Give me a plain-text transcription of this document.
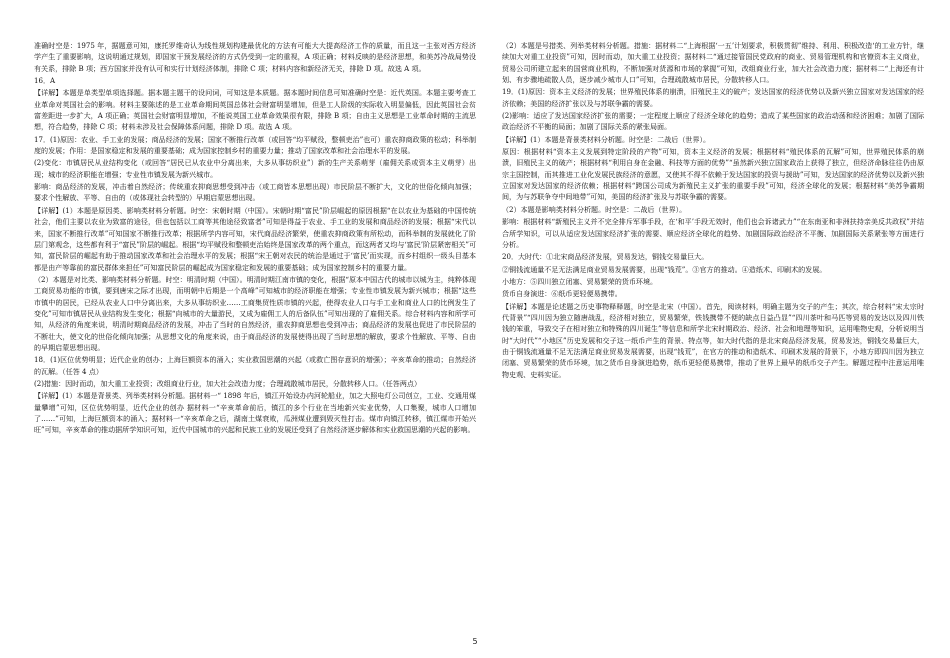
准确时空是：1975 年，据题意可知，康托罗维奇认为线性规划构建最优化的方法有可能大大提高经济工作的质量，而且这一主张对西方经济学产生了重要影响，这说明通过规划，即国家干预发展经济的方式仍受到一定的重视，A 项正确；材料反映的是经济思想，和美苏冷战局势没有关系，排除 B 项；西方国家并没有认可和实行计划经济体制，排除 C 项；材料内容和新经济无关，排除 D 项。故选 A 项。

16．A

【详解】本题是单类型单项选择题。据本题主题干的设问词，可知这是本质题。据本题时间信息可知准确时空是：近代英国。本题主要考查工业革命对英国社会的影响。材料主要陈述的是工业革命期间英国总体社会财富明显增加，但是工人阶级的实际收入明显偏低，因此英国社会贫富差距进一步扩大，A 项正确；英国社会财富明显增加，不能说英国工业革命效果很有限，排除 B 项；自由主义思想是工业革命时期的主流思想，符合趋势，排除 C 项；材料未涉及社会保障体系问题，排除 D 项。故选 A 项。

17．(1)原因：农业、手工业的发展；商品经济的发展；国家不断推行改革（或回答“均平赋役，整顿吏治”也可）重农抑商政策的松动；科举制度的发展；作用：是国家稳定和发展的重要基础；成为国家控制乡村的重要力量；推动了国家改革和社会治理水平的发展。

(2)变化：市镇居民从业结构变化（或回答“居民已从农业中分离出来，大多从事纺织业”）新的生产关系萌芽（雇佣关系或资本主义萌芽）出现；城市的经济职能在增强；专业性市镇发展为新兴城市。

影响：商品经济的发展，冲击着自然经济；传统重农抑商思想受到冲击（或工商皆本思想出现）市民阶层不断扩大，文化的世俗化倾向加强；要求个性解放、平等、自由的（或体现社会转型的）早期启蒙思想出现。

【详解】(1）本题是原因类、影响类材料分析题。时空：宋朝时期（中国）。宋朝时期“富民”阶层崛起的原因根据“在以农业为基础的中国传统社会，他们主要以农业为致富的途径，但也包括以工商等其他途径致富者”可知是得益于农业、手工业的发展和商品经济的发展；根据“宋代以来，国家不断推行改革”可知国家不断推行改革；根据所学内容可知，宋代商品经济繁荣，使重农抑商政策有所松动，而科举制的发展就化了阶层门第观念，这些都有利于“富民”阶层的崛起。根据“均平赋役和整顿吏治始终是国家改革的两个重点，而这两者又均与‘富民’阶层紧密相关”可知，富民阶层的崛起有助于推动国家改革和社会治理水平的发展；根据“宋王朝对农民的统治是通过于‘富民’而实现，而乡村组织一级头目基本都是由产等靠前的富民群体来担任”可知富民阶层的崛起成为国家稳定和发展的重要基础；成为国家控制乡村的重要力量。

（2）本题是对比类、影响类材料分析题。时空：明清时期（中国）。明清时期江南市镇的变化，根据“原本中国古代的城市以城为主，纯粹体现工商贸易功能的市镇，要到唐宋之际才出现，而明朝中后期是一个高峰”可知城市的经济职能在增强；专业性市镇发展为新兴城市；根据“这些市镇中的居民，已经从农业人口中分离出来，大多从事纺织业……工商集贸性质市镇的兴起，使得农业人口与手工业和商业人口的比例发生了变化”可知市镇居民从业结构发生变化；根据“向城市的大量游民，又成为雇佣工人的后备队伍”可知出现的了雇佣关系。综合材料内容和所学可知，从经济的角度来说，明清时期商品经济的发展，冲击了当时的自然经济，重农抑商思想也受到冲击；商品经济的发展也促进了市民阶层的不断壮大，使文化的世俗化倾向加强；从思想文化的角度来说，由于商品经济的发展使得出现了当时思想的解放，要求个性解放、平等、自由的早期启蒙思想出现。

18．(1)区位优势明显；近代企业的创办；上海巨额资本的涌入；实业救国思潮的兴起（或救亡图存意识的增强）；辛亥革命的推动；自然经济的瓦解。（任答 4 点）

(2)措施：因时而动，加大重工业投资；改组商业行业，加大社会改造力度；合理疏散城市居民，分散转移人口。（任答两点）

【详解】(1）本题是背景类、列举类材料分析题。据材料一“ 1898 年后，镇江开始设办内河轮船业，加之大照电灯公司创立，工业、交通用煤量攀增”可知，区位优势明显，近代企业的创办 据材料一“辛亥革命前后，镇江的多个行业在当地新兴实业优势，人口集聚，城市人口增加了……”可知，上海巨额资本的涌入；据材料一“辛亥革命之后，湖南土煤衰败，瓜洲煤业遭到毁灭性打击。煤市向镇江转移，镇江煤市开始兴旺”可知，辛亥革命的推动据所学知识可知，近代中国城市的兴起和民族工业的发展还受到了自然经济逐步解体和实业救国思潮的兴起的影响。

（2）本题是号措类、列举类材料分析题。措施：据材料二“上海根据‘一五’计划要求，积极贯彻”维持、利用、积极改造‘的工业方针，继续加大对重工业投资”可知，因时而动，加大重工业投资；据材料二“通过接管国民党政府的商业、贸易管理机构和官僚资本主义商业，贸易公司所建立起来的国营商业机构，不断加强对货源和市场的掌握”可知，改组商业行业，加大社会改造力度；据材料二“上海还有计划、有步骤地疏散人员，逐步减少城市人口”可知，合理疏散城市居民，分散转移人口。

19．(1)原因：资本主义经济的发展；世界殖民体系的崩溃，旧殖民主义的破产；发达国家的经济优势以及新兴独立国家对发达国家的经济依赖；美国的经济扩张以及与苏联争霸的需要。

(2)影响：适应了发达国家经济扩张的需要；一定程度上顺应了经济全球化的趋势；造成了某些国家的政治动荡和经济困难；加剧了国际政治经济不平衡的局面；加剧了国际关系的紧张局面。

【详解】(1）本题是背景类材料分析题。时空是：二战后（世界）。

原因：根据材料“资本主义发展到特定阶段的产物”可知，资本主义经济的发展；根据材料“殖民体系的瓦解”可知，世界殖民体系的崩溃，旧殖民主义的破产；根据材料“利用自身在金融、科技等方面的优势”“虽然新兴独立国家政治上获得了独立，但经济命脉往往仍由原宗主国控制，而其推进工业化发展民族经济的意愿，又使其不得不依赖于发达国家的投资与援助”可知，发达国家的经济优势以及新兴独立国家对发达国家的经济依赖；根据材料“跨国公司成为新殖民主义扩张的重要手段”可知，经济全球化的发展；根据材料“美苏争霸期间，为与苏联争夺中间地带”可知，美国的经济扩张及与苏联争霸的需要。

（2）本题是影响类材料分析题。时空是：二战后（世界）。

影响：根据材料“新殖民主义并不完全排斥军事手段，在‘和平’手段无效时，他们也会诉诸武力”“在东南亚和非洲扶持亲美反共政权”并结合所学知识，可以从适应发达国家经济扩张的需要、顺应经济全球化的趋势、加剧国际政治经济不平衡、加剧国际关系紧张等方面进行分析。

20．大时代：①北宋商品经济发展，贸易发达，铜钱交易量巨大。

②铜钱流通量不足无法满足商业贸易发展需要，出现“钱荒”。③官方的推动。④造纸术、印刷术的发展。

小地方：⑤四川独立闭塞、贸易繁荣的货币环境。

货币自身演进：⑥纸币更轻便易携带。

【详解】本题是论述题之历史事物释释题，时空是北宋（中国）。首先，阅读材料，明确主题为交子的产生；其次，综合材料“宋太宗时代背景”“四川因为独立随唐战乱，经济相对独立，贸易繁荣，铁钱携带不便的缺点日益凸显”“四川茶叶和马匹等贸易的发达以及四川铁钱的笨重，导致交子在相对独立和特殊的四川诞生”等信息和所学北宋时期政治、经济、社会和地理等知识，运用唯物史观，分析说明当时“大时代”“小地区”历史发展和交子这一纸币产生的背景、特点等，如大时代指的是北宋商品经济发展，贸易发达，铜钱交易量巨大，由于铜钱流通量不足无法满足商业贸易发展需要，出现“钱荒”，在官方的推动和造纸术、印刷术发展的背景下，小地方即四川因为独立闭塞、贸易繁荣的货币环境，加之货币自身演进趋势，纸币更轻便易携带，推动了世界上最早的纸币交子产生。解题过程中注意运用唯物史观、史料实证。

5
